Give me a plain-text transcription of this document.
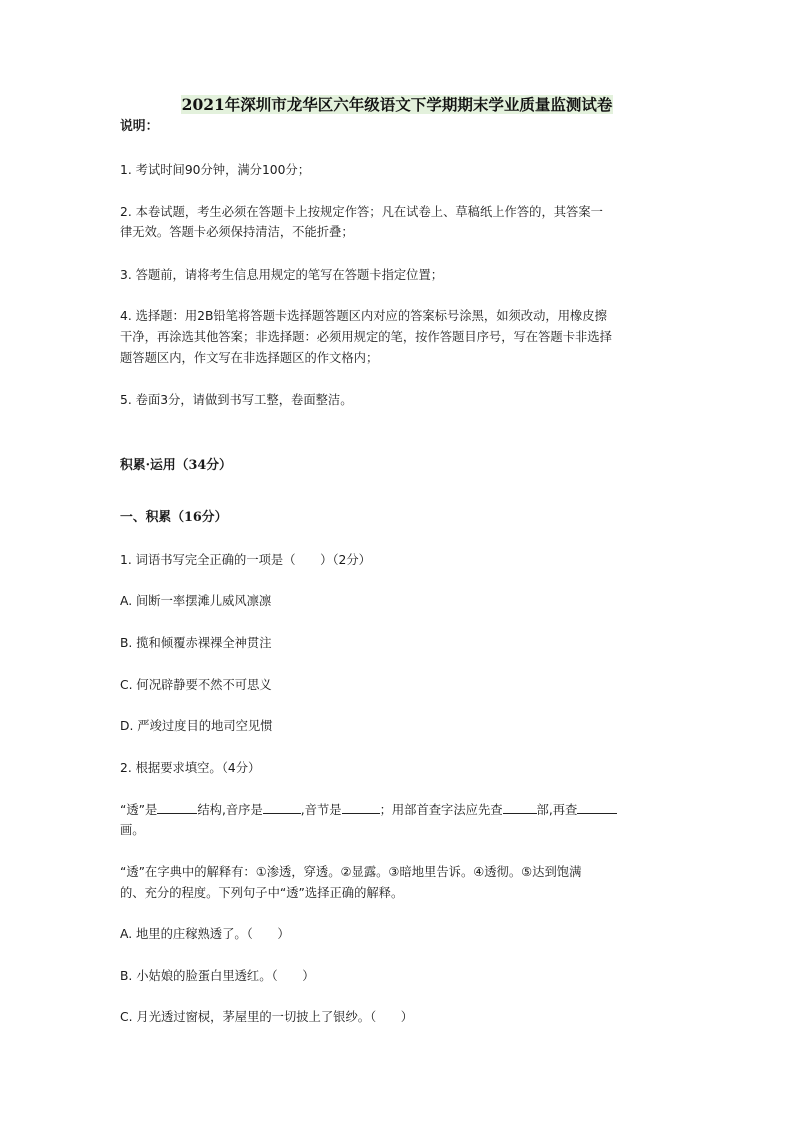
2021年深圳市龙华区六年级语文下学期期末学业质量监测试卷
说明：
1. 考试时间90分钟，满分100分；
2. 本卷试题，考生必须在答题卡上按规定作答；凡在试卷上、草稿纸上作答的，其答案一
律无效。答题卡必须保持清洁，不能折叠；
3. 答题前，请将考生信息用规定的笔写在答题卡指定位置；
4. 选择题：用2B铅笔将答题卡选择题答题区内对应的答案标号涂黑，如须改动，用橡皮擦
干净，再涂选其他答案；非选择题：必须用规定的笔，按作答题目序号，写在答题卡非选择
题答题区内，作文写在非选择题区的作文格内；
5. 卷面3分，请做到书写工整，卷面整洁。
积累·运用（34分）
一、积累（16分）
1. 词语书写完全正确的一项是（　　）（2分）
A. 间断一率摆滩儿威风凛凛
B. 揽和倾覆赤裸裸全神贯注
C. 何况辟静要不然不可思义
D. 严竣过度目的地司空见惯
2. 根据要求填空。（4分）
“透”是	结构,音序是	,音节是	；用部首查字法应先查	部,再查
画。
“透”在字典中的解释有：①渗透，穿透。②显露。③暗地里告诉。④透彻。⑤达到饱满
的、充分的程度。下列句子中“透”选择正确的解释。
A. 地里的庄稼熟透了。（　　）
B. 小姑娘的脸蛋白里透红。（　　）
C. 月光透过窗棂，茅屋里的一切披上了银纱。（　　）
